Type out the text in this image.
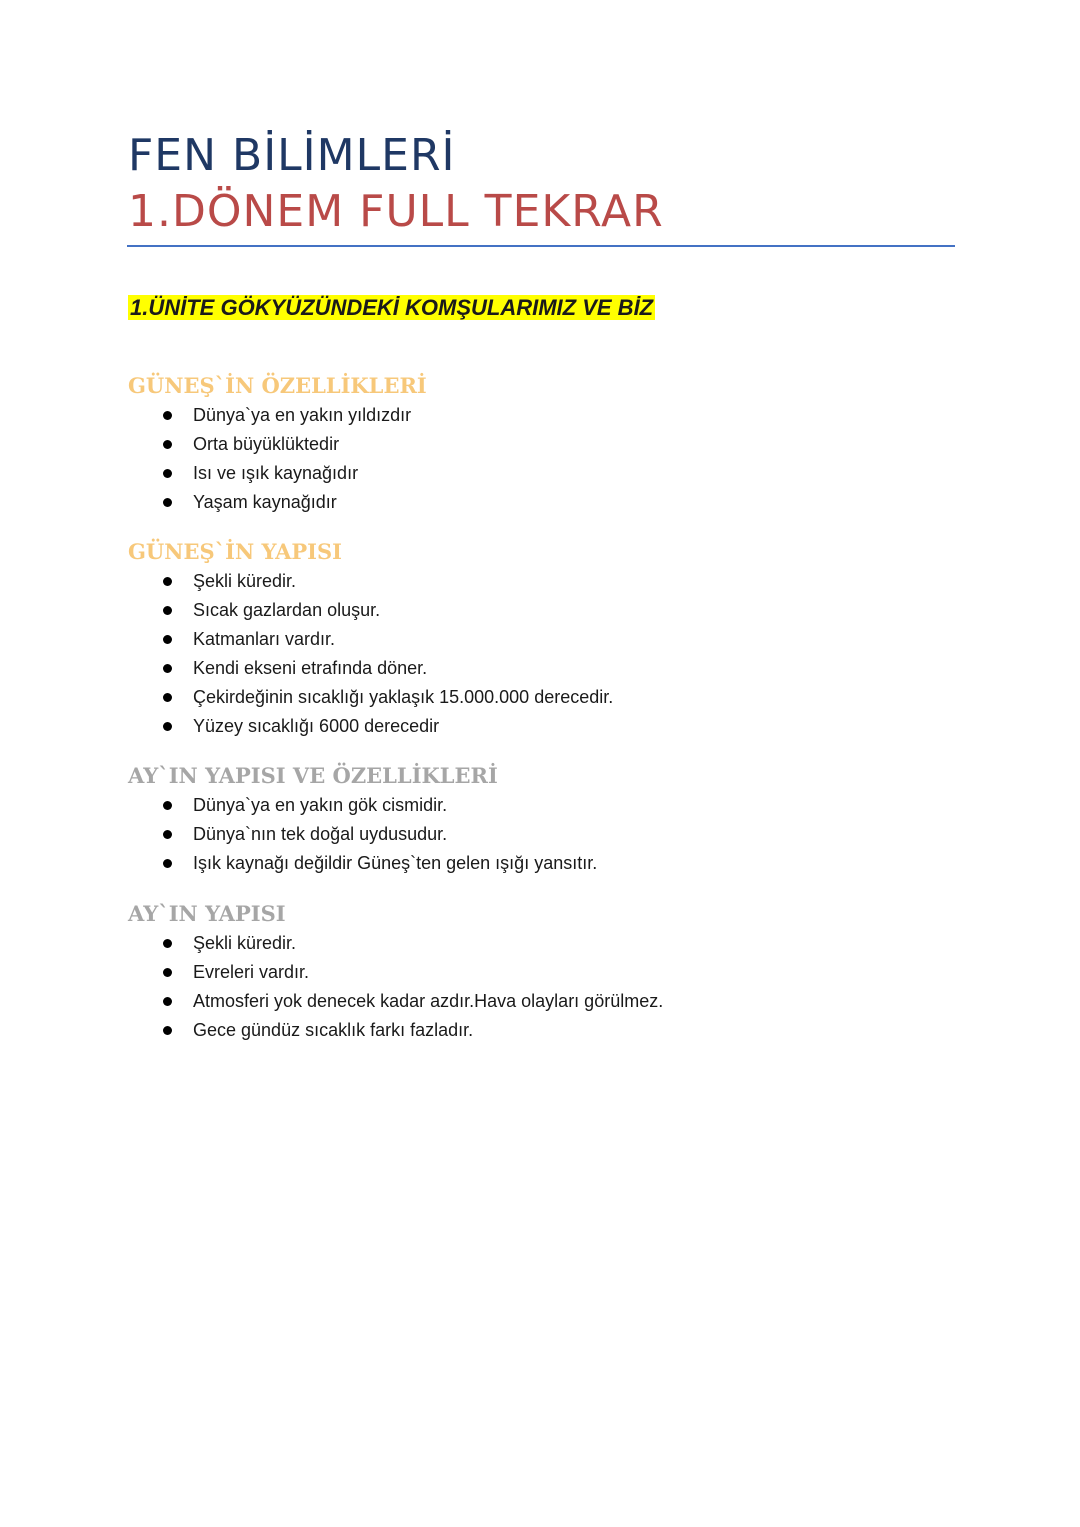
FEN BİLİMLERİ

1.DÖNEM FULL TEKRAR

1.ÜNİTE GÖKYÜZÜNDEKİ KOMŞULARIMIZ VE BİZ
GÜNEŞ`İN ÖZELLİKLERİ
Dünya`ya en yakın yıldızdır
Orta büyüklüktedir
Isı ve ışık kaynağıdır
Yaşam kaynağıdır
GÜNEŞ`İN YAPISI
Şekli küredir.
Sıcak gazlardan oluşur.
Katmanları vardır.
Kendi ekseni etrafında döner.
Çekirdeğinin sıcaklığı yaklaşık 15.000.000 derecedir.
Yüzey sıcaklığı 6000 derecedir
AY`IN YAPISI VE ÖZELLİKLERİ
Dünya`ya en yakın gök cismidir.
Dünya`nın tek doğal uydusudur.
Işık kaynağı değildir Güneş`ten gelen ışığı yansıtır.
AY`IN YAPISI
Şekli küredir.
Evreleri vardır.
Atmosferi yok denecek kadar azdır.Hava olayları görülmez.
Gece gündüz sıcaklık farkı fazladır.
